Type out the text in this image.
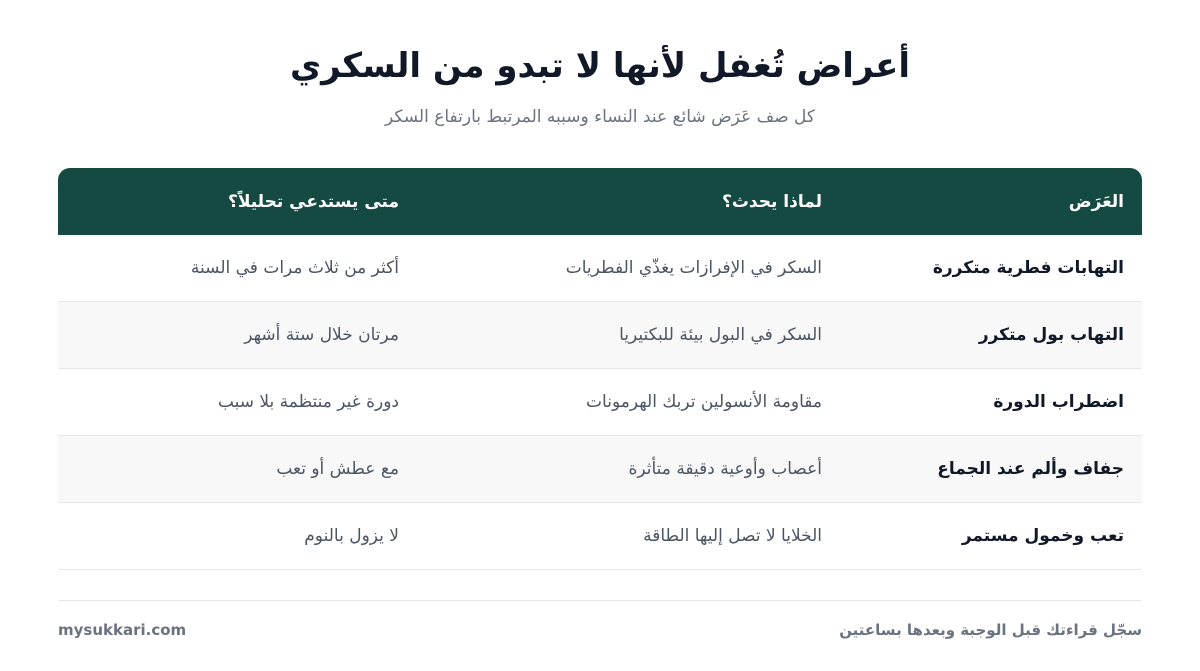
أعراض تُغفل لأنها لا تبدو من السكري

كل صف عَرَض شائع عند النساء وسببه المرتبط بارتفاع السكر

العَرَض
لماذا يحدث؟
متى يستدعي تحليلاً؟
التهابات فطرية متكررة
السكر في الإفرازات يغذّي الفطريات
أكثر من ثلاث مرات في السنة
التهاب بول متكرر
السكر في البول بيئة للبكتيريا
مرتان خلال ستة أشهر
اضطراب الدورة
مقاومة الأنسولين تربك الهرمونات
دورة غير منتظمة بلا سبب
جفاف وألم عند الجماع
أعصاب وأوعية دقيقة متأثرة
مع عطش أو تعب
تعب وخمول مستمر
الخلايا لا تصل إليها الطاقة
لا يزول بالنوم
سجّل قراءتك قبل الوجبة وبعدها بساعتين
mysukkari.com
